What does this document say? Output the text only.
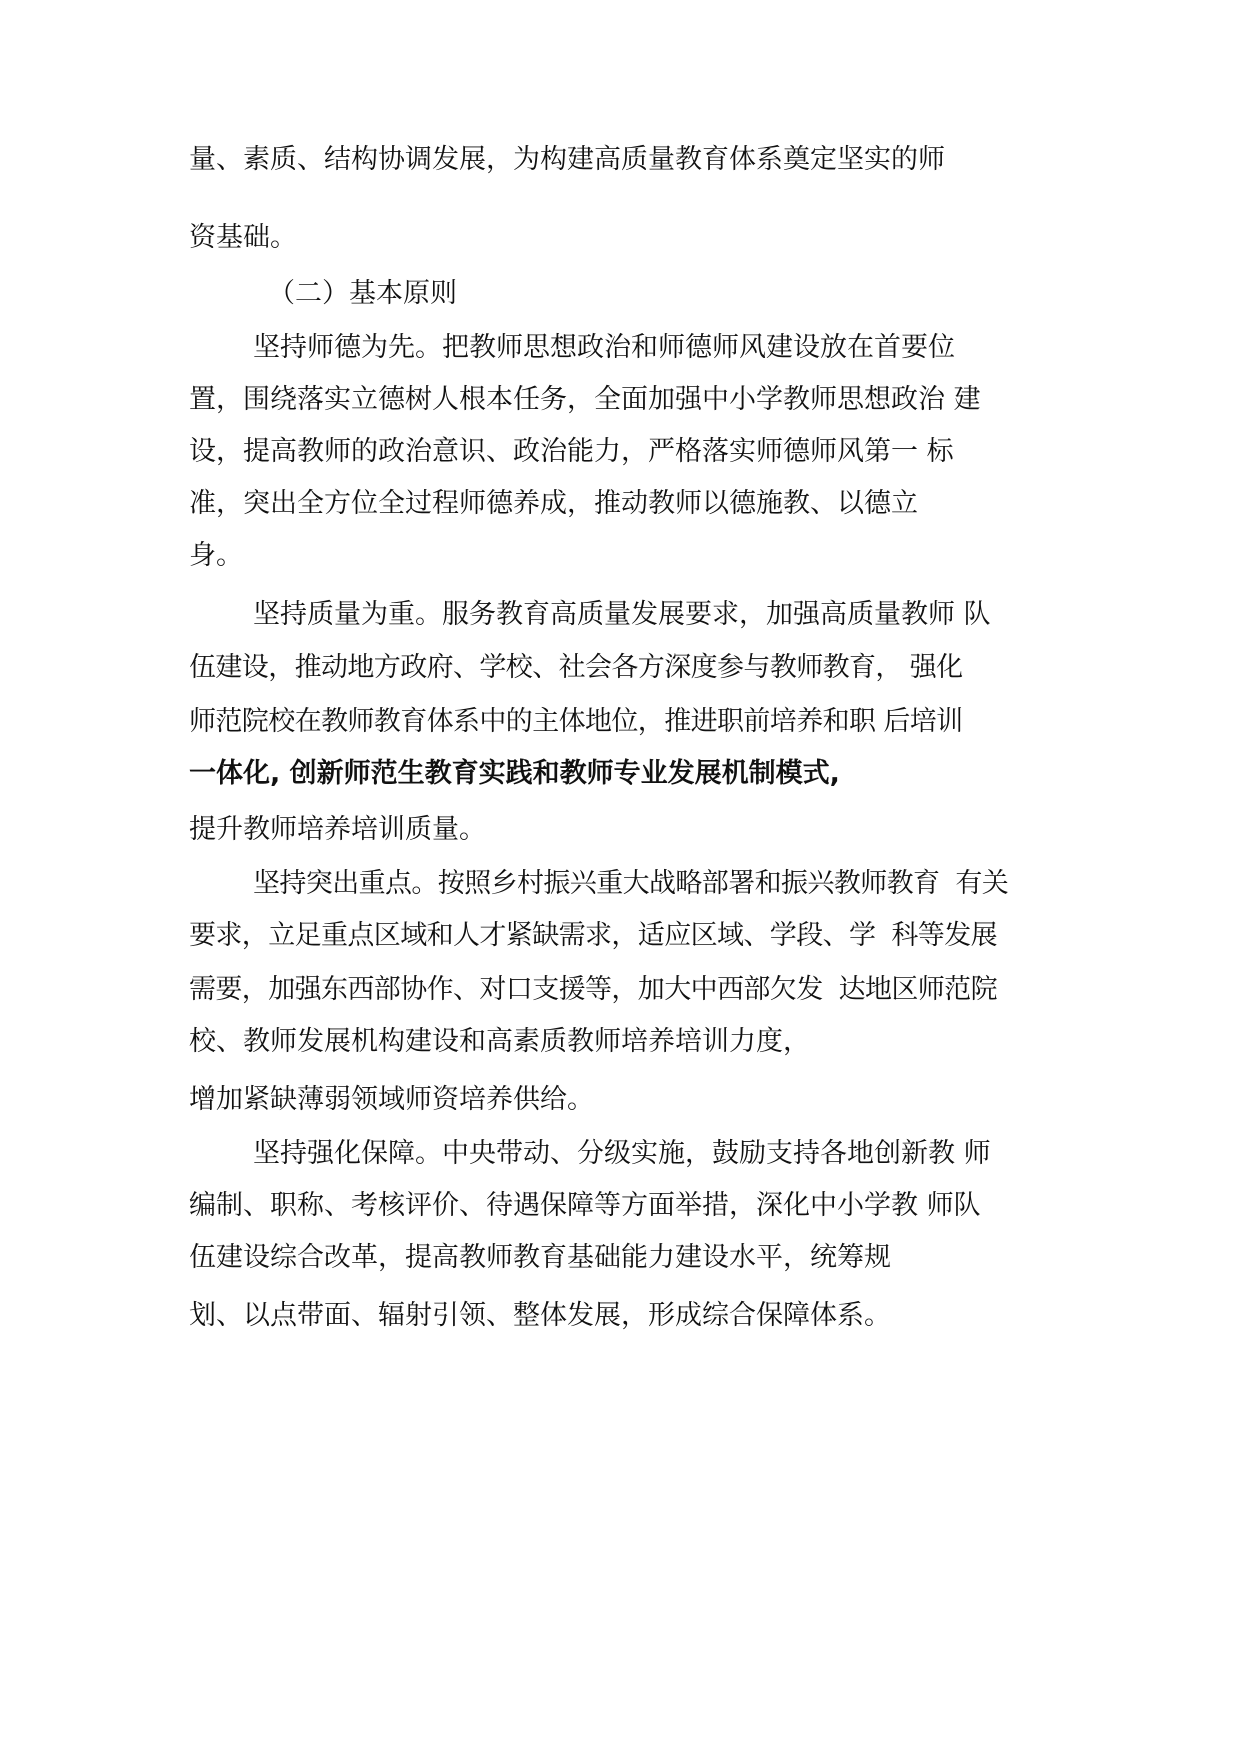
量、素质、结构协调发展，为构建高质量教育体系奠定坚实的师
资基础。
（二）基本原则
坚持师德为先。把教师思想政治和师德师风建设放在首要位
置，围绕落实立德树人根本任务，全面加强中小学教师思想政治 建
设，提高教师的政治意识、政治能力，严格落实师德师风第一 标
准，突出全方位全过程师德养成，推动教师以德施教、以德立
身。
坚持质量为重。服务教育高质量发展要求，加强高质量教师 队
伍建设，推动地方政府、学校、社会各方深度参与教师教育， 强化
师范院校在教师教育体系中的主体地位，推进职前培养和职 后培训
一体化, 创新师范生教育实践和教师专业发展机制模式,
提升教师培养培训质量。
坚持突出重点。按照乡村振兴重大战略部署和振兴教师教育  有关
要求，立足重点区域和人才紧缺需求，适应区域、学段、学  科等发展
需要，加强东西部协作、对口支援等，加大中西部欠发  达地区师范院
校、教师发展机构建设和高素质教师培养培训力度，
增加紧缺薄弱领域师资培养供给。
坚持强化保障。中央带动、分级实施，鼓励支持各地创新教 师
编制、职称、考核评价、待遇保障等方面举措，深化中小学教 师队
伍建设综合改革，提高教师教育基础能力建设水平，统筹规
划、以点带面、辐射引领、整体发展，形成综合保障体系。
